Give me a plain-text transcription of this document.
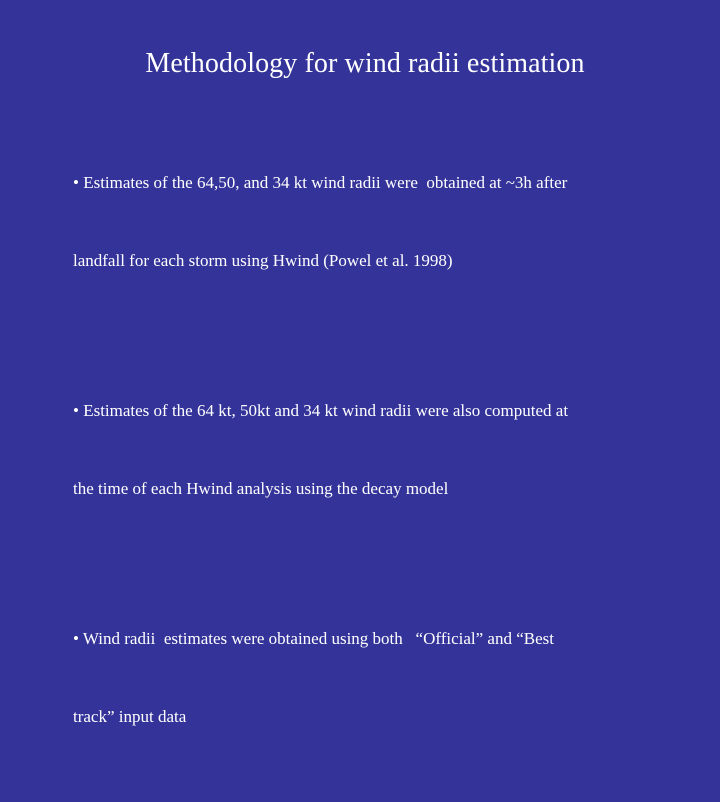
Methodology for wind radii estimation

• Estimates of the 64,50, and 34 kt wind radii were  obtained at ~3h after

landfall for each storm using Hwind (Powel et al. 1998)

• Estimates of the 64 kt, 50kt and 34 kt wind radii were also computed at

the time of each Hwind analysis using the decay model

• Wind radii  estimates were obtained using both   “Official” and “Best

track” input data
